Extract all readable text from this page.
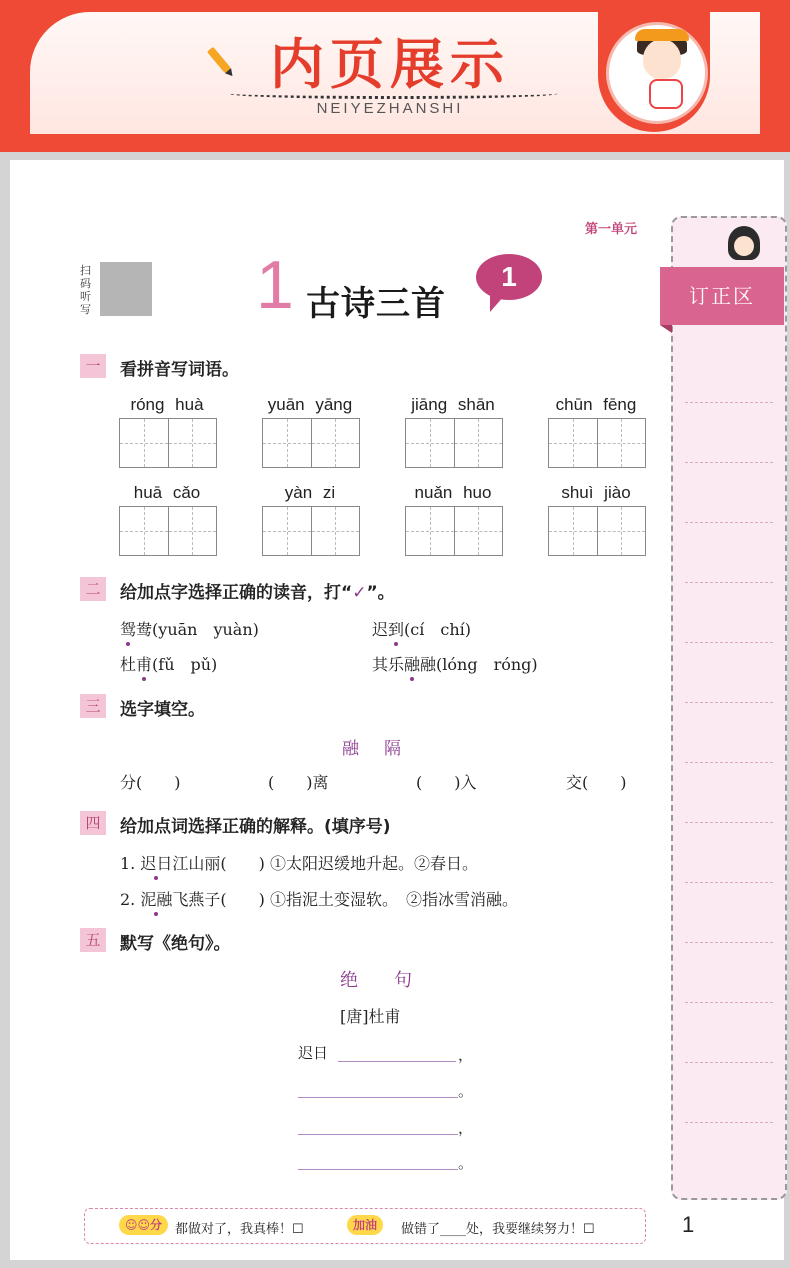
内页展示
NEIYEZHANSHI
第一单元
订正区
扫码听写 1 古诗三首
1
一	看拼音写词语。
róng huà	yuān yāng	jiāng shān	chūn fēng
huā cǎo	yàn zi	nuǎn huo	shuì jiào
二	给加点字选择正确的读音，打“✓”。
鸳鸯(yuān　yuàn)	迟到(cí　chí)
杜甫(fǔ　pǔ)	其乐融融(lóng　róng)
三	选字填空。
融　隔
分(　　)	(　　)离	(　　)入	交(　　)
四	给加点词选择正确的解释。(填序号)
1. 迟日江山丽(　　) ①太阳迟缓地升起。②春日。
2. 泥融飞燕子(　　) ①指泥土变湿软。　②指冰雪消融。
五	默写《绝句》。
绝句
[唐]杜甫
迟日	，
。
，
。
☺☺分 都做对了，我真棒！☐	加油	做错了____处，我要继续努力！☐	1
